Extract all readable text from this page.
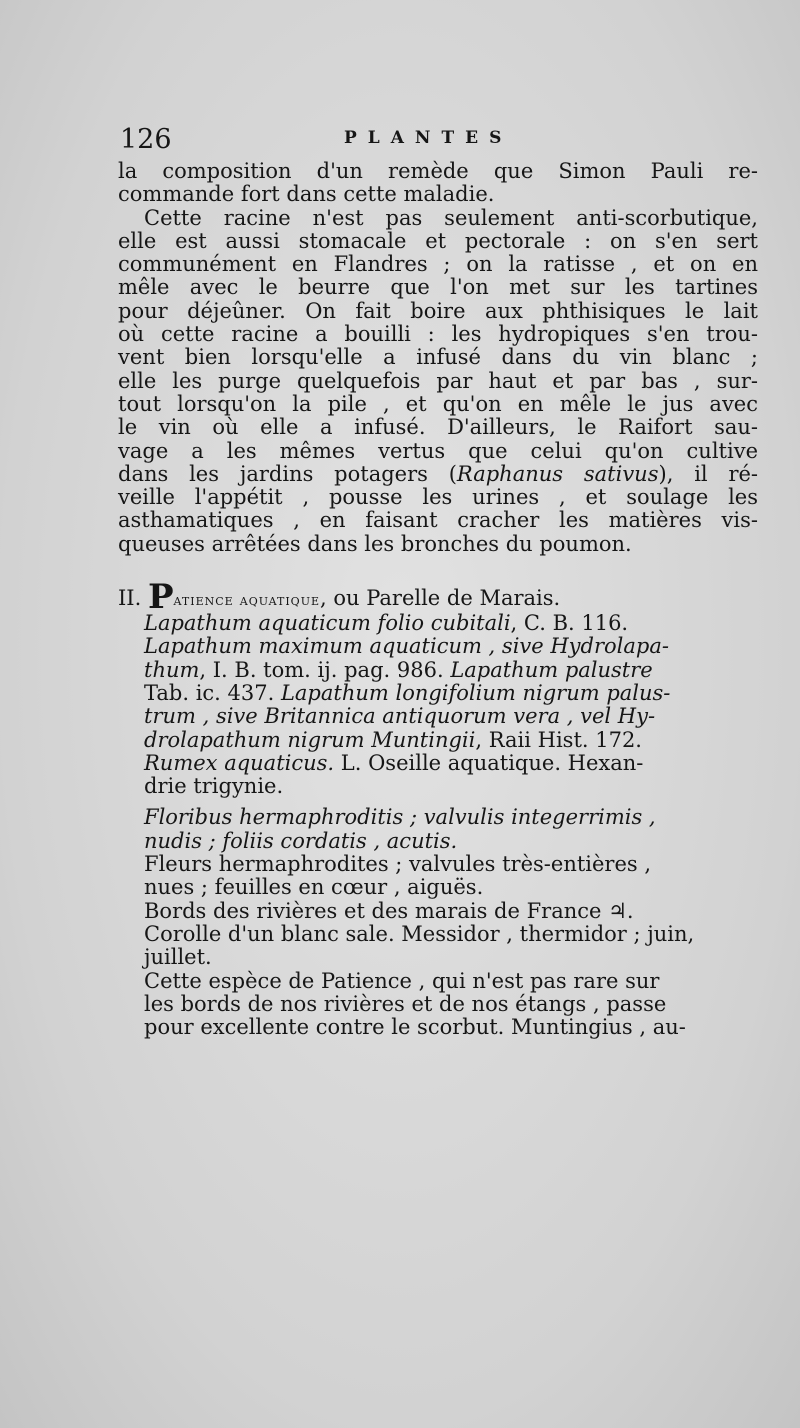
126	PLANTES
la composition d'un remède que Simon Pauli re-
commande fort dans cette maladie.
Cette racine n'est pas seulement anti-scorbutique,
elle est aussi stomacale et pectorale : on s'en sert
communément en Flandres ; on la ratisse , et on en
mêle avec le beurre que l'on met sur les tartines
pour déjeûner. On fait boire aux phthisiques le lait
où cette racine a bouilli : les hydropiques s'en trou-
vent bien lorsqu'elle a infusé dans du vin blanc ;
elle les purge quelquefois par haut et par bas , sur-
tout lorsqu'on la pile , et qu'on en mêle le jus avec
le vin où elle a infusé. D'ailleurs, le Raifort sau-
vage a les mêmes vertus que celui qu'on cultive
dans les jardins potagers (Raphanus sativus), il ré-
veille l'appétit , pousse les urines , et soulage les
asthamatiques , en faisant cracher les matières vis-
queuses arrêtées dans les bronches du poumon.
II. Patience aquatique, ou Parelle de Marais.
Lapathum aquaticum folio cubitali, C. B. 116.
Lapathum maximum aquaticum , sive Hydrolapa-
thum, I. B. tom. ij. pag. 986. Lapathum palustre
Tab. ic. 437. Lapathum longifolium nigrum palus-
trum , sive Britannica antiquorum vera , vel Hy-
drolapathum nigrum Muntingii, Raii Hist. 172.
Rumex aquaticus. L. Oseille aquatique. Hexan-
drie trigynie.
Floribus hermaphroditis ; valvulis integerrimis ,
nudis ; foliis cordatis , acutis.
Fleurs hermaphrodites ; valvules très-entières ,
nues ; feuilles en cœur , aiguës.
Bords des rivières et des marais de France ♃.
Corolle d'un blanc sale. Messidor , thermidor ; juin,
juillet.
Cette espèce de Patience , qui n'est pas rare sur
les bords de nos rivières et de nos étangs , passe
pour excellente contre le scorbut. Muntingius , au-
